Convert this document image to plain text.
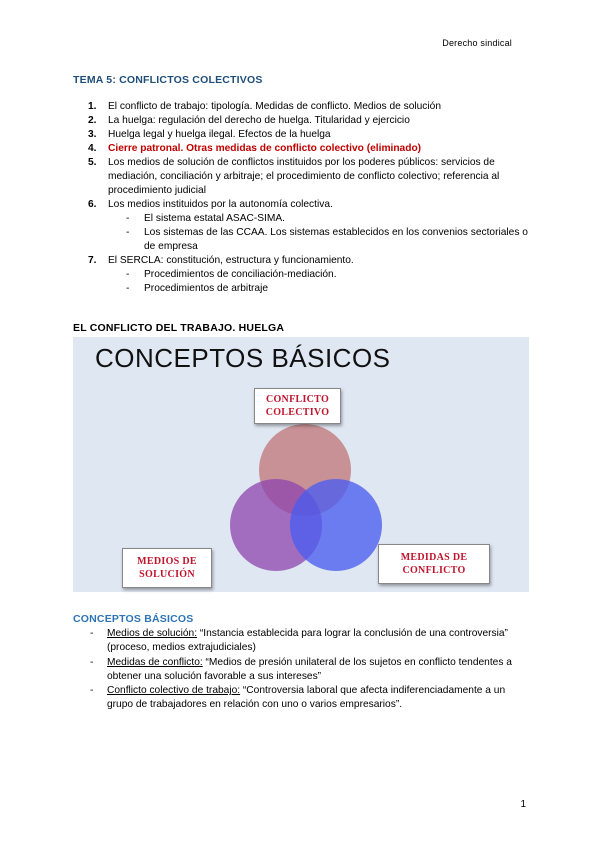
Derecho sindical
TEMA 5: CONFLICTOS COLECTIVOS
1. El conflicto de trabajo: tipología. Medidas de conflicto. Medios de solución
2. La huelga: regulación del derecho de huelga. Titularidad y ejercicio
3. Huelga legal y huelga ilegal. Efectos de la huelga
4. Cierre patronal. Otras medidas de conflicto colectivo (eliminado)
5. Los medios de solución de conflictos instituidos por los poderes públicos: servicios de mediación, conciliación y arbitraje; el procedimiento de conflicto colectivo; referencia al procedimiento judicial
6. Los medios instituidos por la autonomía colectiva.
- El sistema estatal ASAC-SIMA.
- Los sistemas de las CCAA. Los sistemas establecidos en los convenios sectoriales o de empresa
7. El SERCLA: constitución, estructura y funcionamiento.
- Procedimientos de conciliación-mediación.
- Procedimientos de arbitraje
EL CONFLICTO DEL TRABAJO. HUELGA
CONCEPTOS BÁSICOS
CONFLICTO COLECTIVO
MEDIOS DE SOLUCIÓN
MEDIDAS DE CONFLICTO
CONCEPTOS BÁSICOS
- Medios de solución: “Instancia establecida para lograr la conclusión de una controversia” (proceso, medios extrajudiciales)
- Medidas de conflicto: “Medios de presión unilateral de los sujetos en conflicto tendentes a obtener una solución favorable a sus intereses”
- Conflicto colectivo de trabajo: “Controversia laboral que afecta indiferenciadamente a un grupo de trabajadores en relación con uno o varios empresarios”.
1
